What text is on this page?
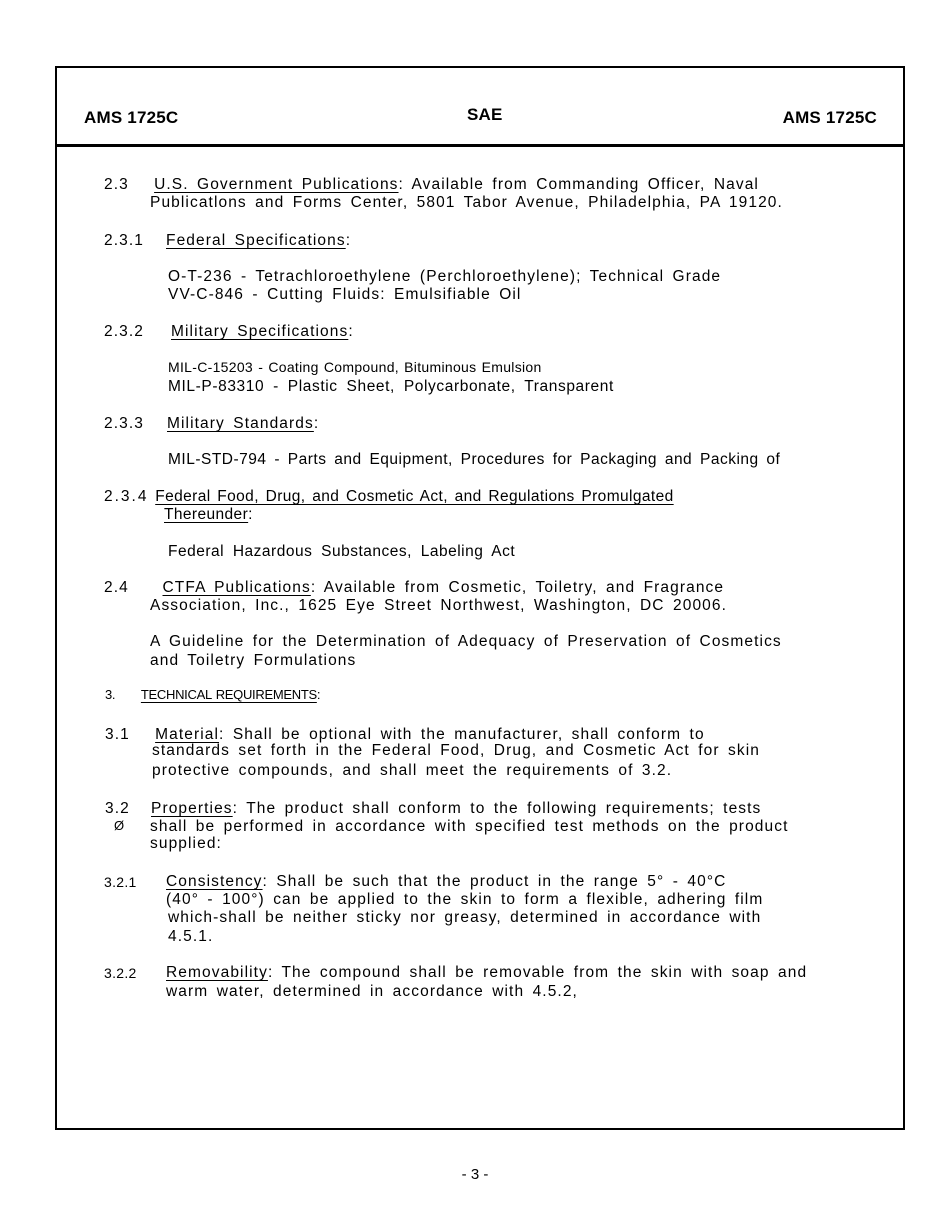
AMS 1725C	SAE	AMS 1725C
2.3 U.S. Government Publications: Available from Commanding Officer, Naval
Publicatlons and Forms Center, 5801 Tabor Avenue, Philadelphia, PA 19120.
2.3.1 Federal Specifications:
O-T-236 - Tetrachloroethylene (Perchloroethylene); Technical Grade
VV-C-846 - Cutting Fluids: Emulsifiable Oil
2.3.2 Military Specifications:
MIL-C-15203 - Coating Compound, Bituminous Emulsion
MIL-P-83310 - Plastic Sheet, Polycarbonate, Transparent
2.3.3 Military Standards:
MIL-STD-794 - Parts and Equipment, Procedures for Packaging and Packing of
2.3.4 Federal Food, Drug, and Cosmetic Act, and Regulations Promulgated
Thereunder:
Federal Hazardous Substances, Labeling Act
2.4 CTFA Publications: Available from Cosmetic, Toiletry, and Fragrance
Association, Inc., 1625 Eye Street Northwest, Washington, DC 20006.
A Guideline for the Determination of Adequacy of Preservation of Cosmetics
and Toiletry Formulations
3. TECHNICAL REQUIREMENTS:
3.1 Material: Shall be optional with the manufacturer, shall conform to
standards set forth in the Federal Food, Drug, and Cosmetic Act for skin
protective compounds, and shall meet the requirements of 3.2.
3.2
Ø
Properties: The product shall conform to the following requirements; tests
shall be performed in accordance with specified test methods on the product
supplied:
3.2.1 Consistency: Shall be such that the product in the range 5° - 40°C
(40° - 100°) can be applied to the skin to form a flexible, adhering film
which-shall be neither sticky nor greasy, determined in accordance with
4.5.1.
3.2.2 Removability: The compound shall be removable from the skin with soap and
warm water, determined in accordance with 4.5.2,
- 3 -
